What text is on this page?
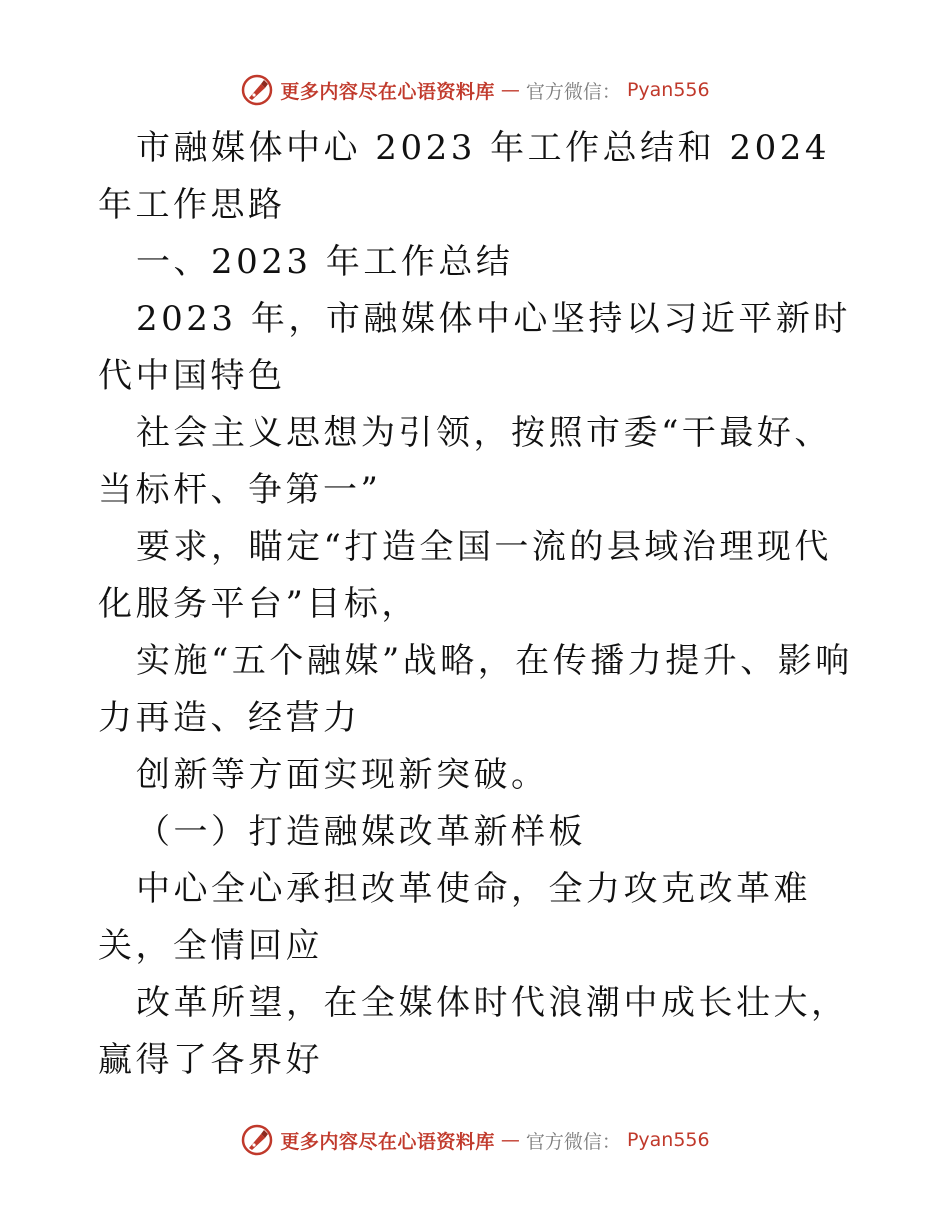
更多内容尽在心语资料库 — 官方微信： Pyan556

市融媒体中心 2023 年工作总结和 2024 年工作思路

一、2023 年工作总结

2023 年，市融媒体中心坚持以习近平新时代中国特色

社会主义思想为引领，按照市委“干最好、当标杆、争第一”

要求，瞄定“打造全国一流的县域治理现代化服务平台”目标，

实施“五个融媒”战略，在传播力提升、影响力再造、经营力

创新等方面实现新突破。

（一）打造融媒改革新样板

中心全心承担改革使命，全力攻克改革难关，全情回应

改革所望，在全媒体时代浪潮中成长壮大，赢得了各界好

更多内容尽在心语资料库 — 官方微信： Pyan556
